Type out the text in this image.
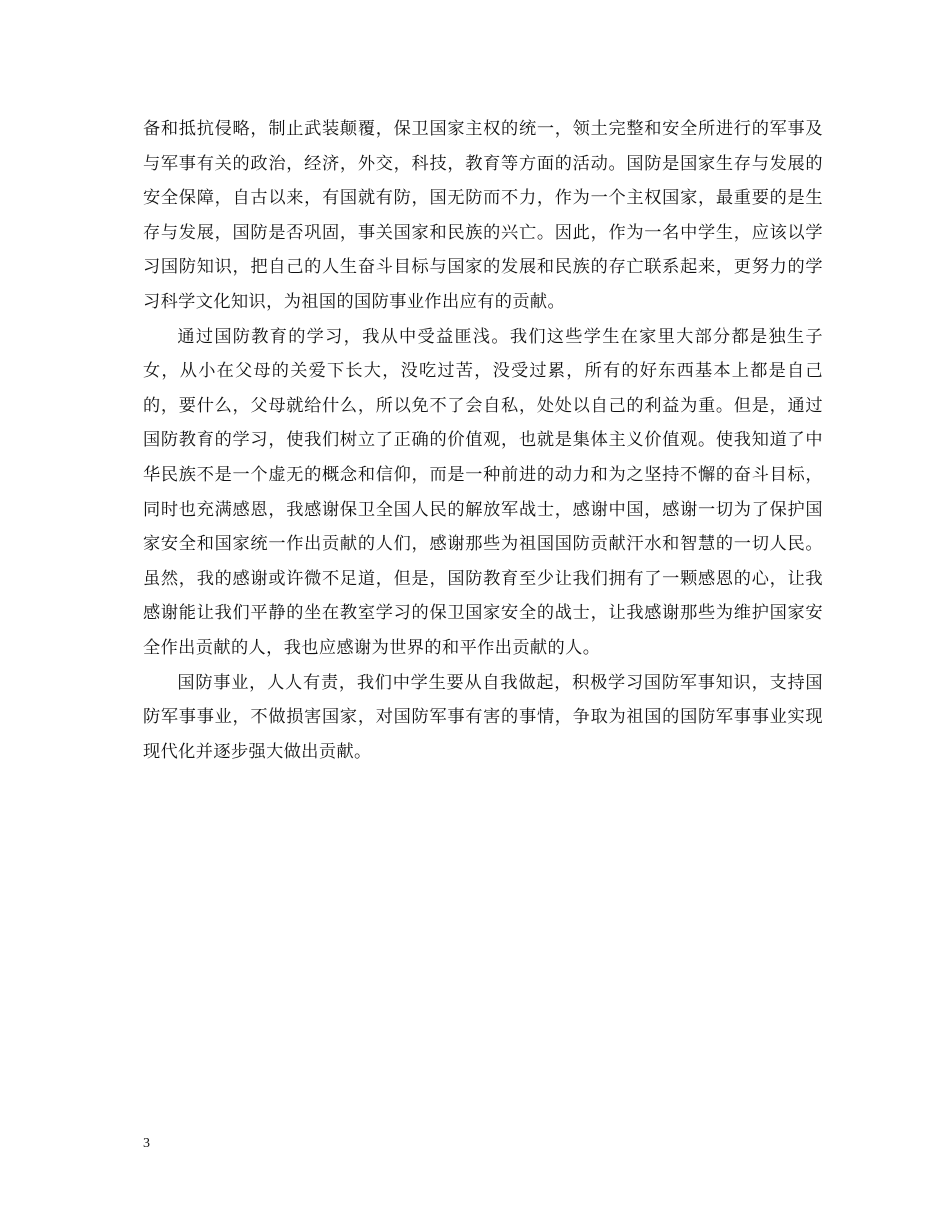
备和抵抗侵略，制止武装颠覆，保卫国家主权的统一，领土完整和安全所进行的军事及与军事有关的政治，经济，外交，科技，教育等方面的活动。国防是国家生存与发展的安全保障，自古以来，有国就有防，国无防而不力，作为一个主权国家，最重要的是生存与发展，国防是否巩固，事关国家和民族的兴亡。因此，作为一名中学生，应该以学习国防知识，把自己的人生奋斗目标与国家的发展和民族的存亡联系起来，更努力的学习科学文化知识，为祖国的国防事业作出应有的贡献。

通过国防教育的学习，我从中受益匪浅。我们这些学生在家里大部分都是独生子女，从小在父母的关爱下长大，没吃过苦，没受过累，所有的好东西基本上都是自己的，要什么，父母就给什么，所以免不了会自私，处处以自己的利益为重。但是，通过国防教育的学习，使我们树立了正确的价值观，也就是集体主义价值观。使我知道了中华民族不是一个虚无的概念和信仰，而是一种前进的动力和为之坚持不懈的奋斗目标，同时也充满感恩，我感谢保卫全国人民的解放军战士，感谢中国，感谢一切为了保护国家安全和国家统一作出贡献的人们，感谢那些为祖国国防贡献汗水和智慧的一切人民。虽然，我的感谢或许微不足道，但是，国防教育至少让我们拥有了一颗感恩的心，让我感谢能让我们平静的坐在教室学习的保卫国家安全的战士，让我感谢那些为维护国家安全作出贡献的人，我也应感谢为世界的和平作出贡献的人。

国防事业，人人有责，我们中学生要从自我做起，积极学习国防军事知识，支持国防军事事业，不做损害国家，对国防军事有害的事情，争取为祖国的国防军事事业实现现代化并逐步强大做出贡献。

3
